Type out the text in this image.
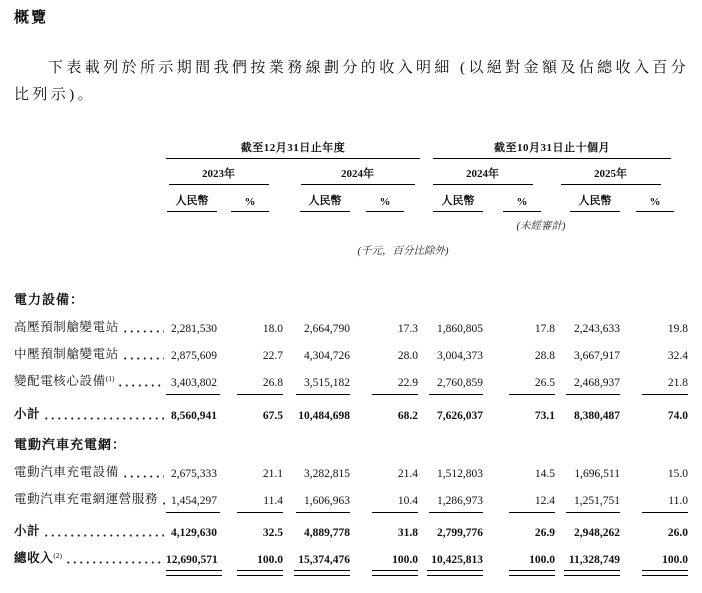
概覽
下表載列於所示期間我們按業務線劃分的收入明細 (以絕對金額及佔總收入百分
比列示)。
截至12月31日止年度	截至10月31日止十個月
2023年	2024年	2024年	2025年
人民幣	%	人民幣	%	人民幣	%	人民幣	%
(未經審計)
(千元，百分比除外)
電力設備：
高壓預制艙變電站	2,281,530	18.0	2,664,790	17.3	1,860,805	17.8	2,243,633	19.8
中壓預制艙變電站	2,875,609	22.7	4,304,726	28.0	3,004,373	28.8	3,667,917	32.4
變配電核心設備$^{(1)}$	3,403,802	26.8	3,515,182	22.9	2,760,859	26.5	2,468,937	21.8
小計	8,560,941	67.5	10,484,698	68.2	7,626,037	73.1	8,380,487	74.0
電動汽車充電網：
電動汽車充電設備	2,675,333	21.1	3,282,815	21.4	1,512,803	14.5	1,696,511	15.0
電動汽車充電網運營服務	1,454,297	11.4	1,606,963	10.4	1,286,973	12.4	1,251,751	11.0
小計	4,129,630	32.5	4,889,778	31.8	2,799,776	26.9	2,948,262	26.0
總收入$^{(2)}$	12,690,571	100.0	15,374,476	100.0	10,425,813	100.0	11,328,749	100.0
